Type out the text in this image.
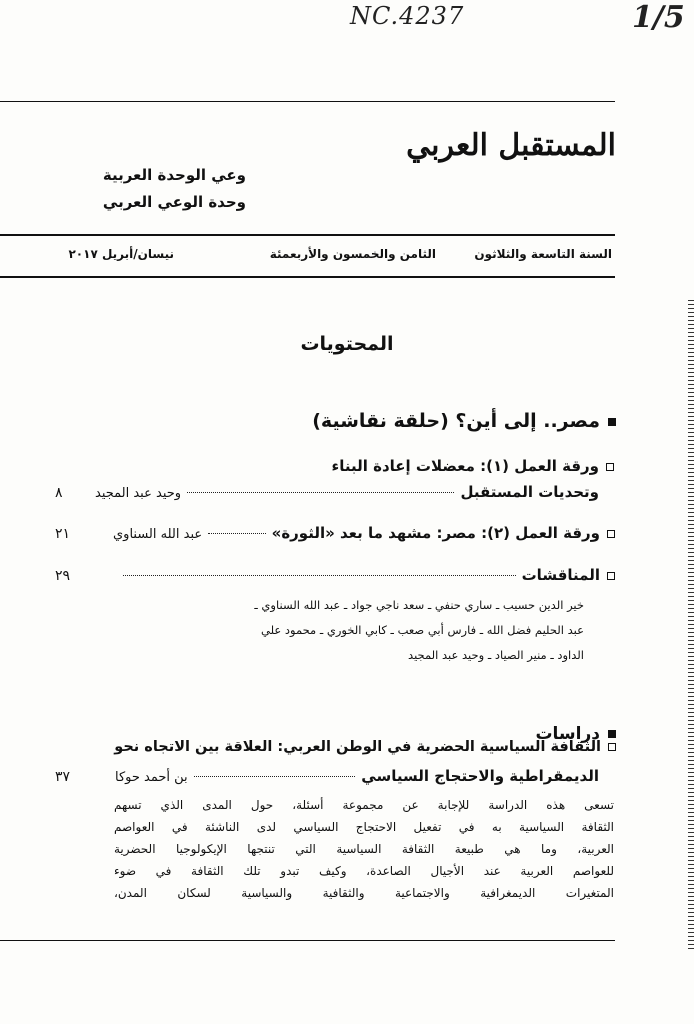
NC.4237	1/5
المستقبل العربي
وعي الوحدة العربية
وحدة الوعي العربي
السنة التاسعة والثلاثون
الثامن والخمسون والأربعمئة
نيسان/أبريل ٢٠١٧
المحتويات
مصر.. إلى أين؟ (حلقة نقاشية)
ورقة العمل (١): معضلات إعادة البناء
وتحديات المستقبل
وحيد عبد المجيد
٨
ورقة العمل (٢): مصر: مشهد ما بعد «الثورة»
عبد الله السناوي
٢١
المناقشات
٢٩
خير الدين حسيب ـ ساري حنفي ـ سعد ناجي جواد ـ عبد الله السناوي ـ
عبد الحليم فضل الله ـ فارس أبي صعب ـ كابي الخوري ـ محمود علي
الداود ـ منير الصياد ـ وحيد عبد المجيد
دراسات
الثقافة السياسية الحضرية في الوطن العربي: العلاقة بين الاتجاه نحو
الديمقراطية والاحتجاج السياسي
بن أحمد حوكا
٣٧
تسعى هذه الدراسة للإجابة عن مجموعة أسئلة، حول المدى الذي تسهم
الثقافة السياسية به في تفعيل الاحتجاج السياسي لدى الناشئة في العواصم
العربية، وما هي طبيعة الثقافة السياسية التي تنتجها الإيكولوجيا الحضرية
للعواصم العربية عند الأجيال الصاعدة، وكيف تبدو تلك الثقافة في ضوء
المتغيرات الديمغرافية والاجتماعية والثقافية والسياسية لسكان المدن،
